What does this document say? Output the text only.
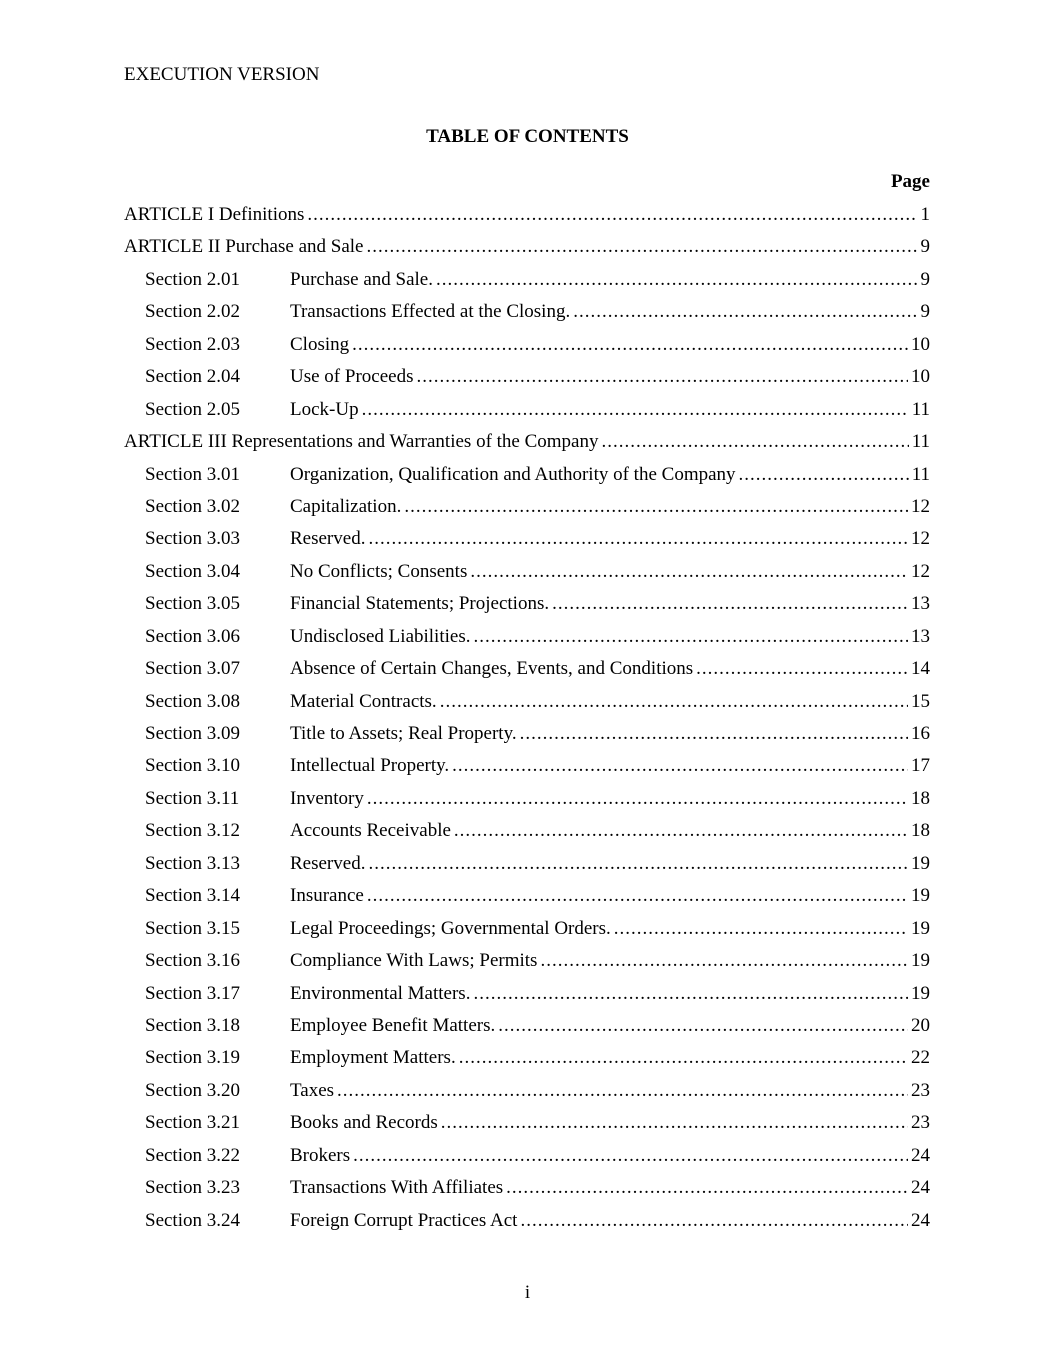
EXECUTION VERSION
TABLE OF CONTENTS
Page
ARTICLE I Definitions .....	1
ARTICLE II Purchase and Sale .....	9
Section 2.01	Purchase and Sale. .....	9
Section 2.02	Transactions Effected at the Closing. .....	9
Section 2.03	Closing .....	10
Section 2.04	Use of Proceeds .....	10
Section 2.05	Lock-Up .....	11
ARTICLE III Representations and Warranties of the Company .....	11
Section 3.01	Organization, Qualification and Authority of the Company .....	11
Section 3.02	Capitalization. .....	12
Section 3.03	Reserved. .....	12
Section 3.04	No Conflicts; Consents .....	12
Section 3.05	Financial Statements; Projections. .....	13
Section 3.06	Undisclosed Liabilities. .....	13
Section 3.07	Absence of Certain Changes, Events, and Conditions .....	14
Section 3.08	Material Contracts. .....	15
Section 3.09	Title to Assets; Real Property. .....	16
Section 3.10	Intellectual Property. .....	17
Section 3.11	Inventory .....	18
Section 3.12	Accounts Receivable .....	18
Section 3.13	Reserved. .....	19
Section 3.14	Insurance .....	19
Section 3.15	Legal Proceedings; Governmental Orders. .....	19
Section 3.16	Compliance With Laws; Permits .....	19
Section 3.17	Environmental Matters. .....	19
Section 3.18	Employee Benefit Matters. .....	20
Section 3.19	Employment Matters. .....	22
Section 3.20	Taxes .....	23
Section 3.21	Books and Records .....	23
Section 3.22	Brokers .....	24
Section 3.23	Transactions With Affiliates .....	24
Section 3.24	Foreign Corrupt Practices Act .....	24
i
